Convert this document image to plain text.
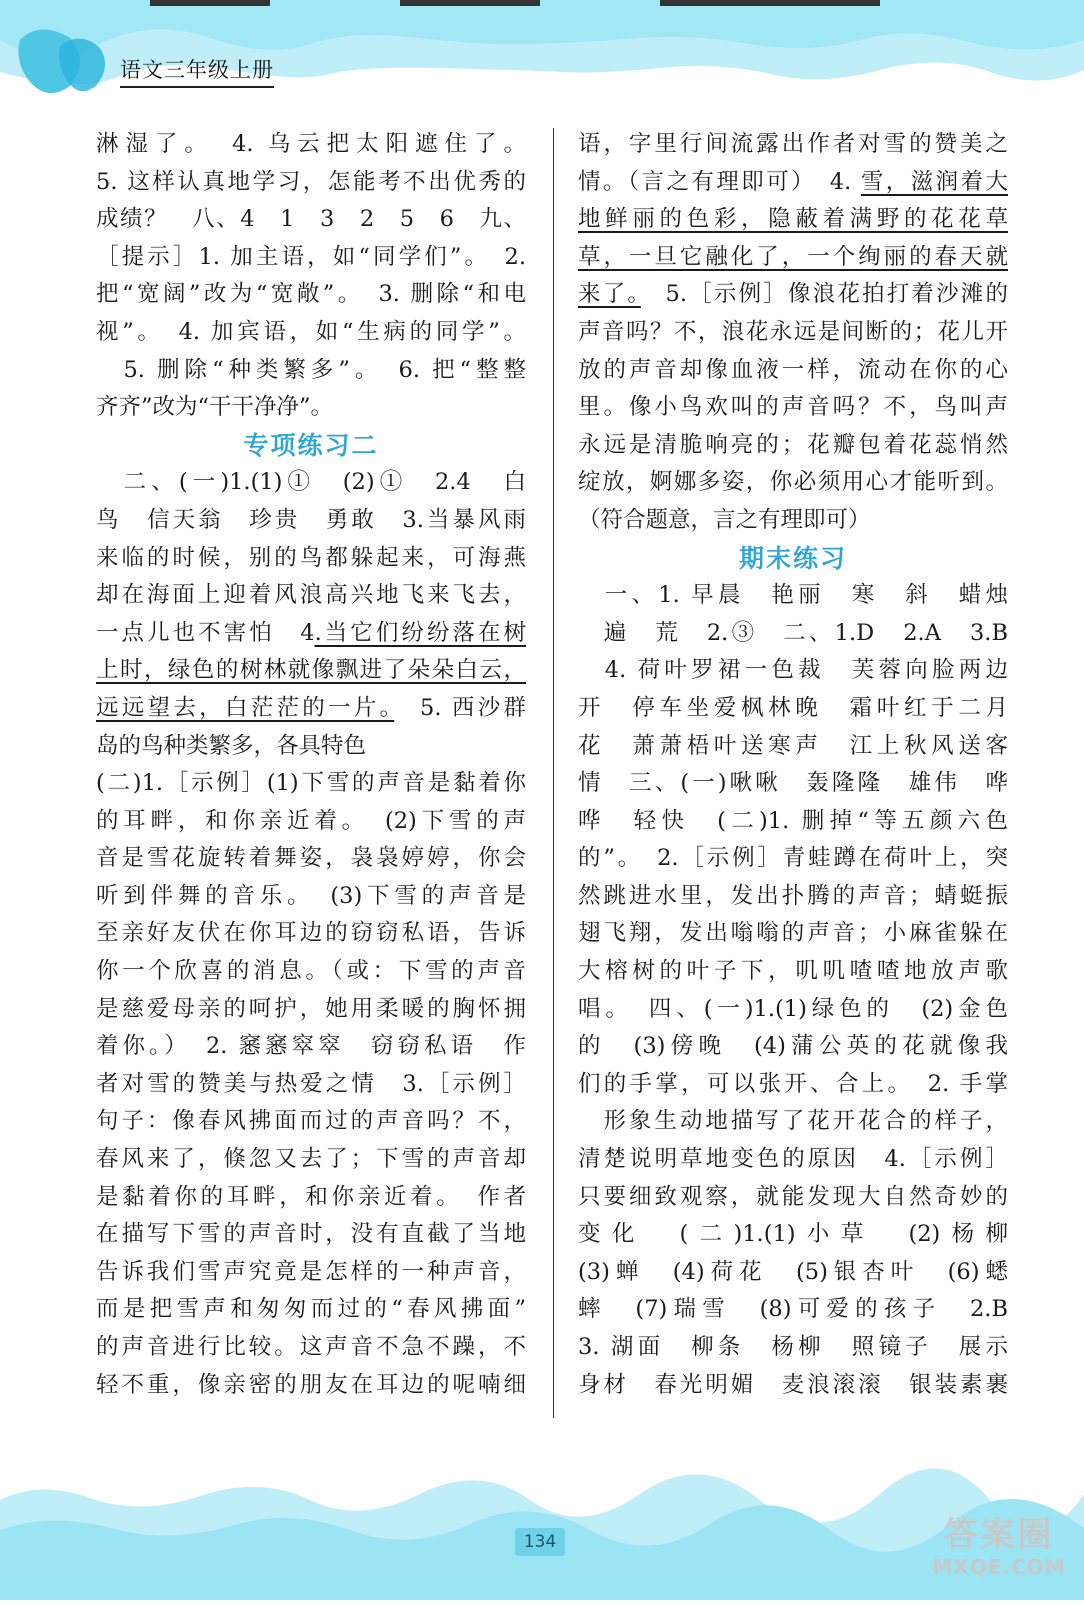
语文三年级上册
淋湿了。　4. 乌云把太阳遮住了。
5. 这样认真地学习，怎能考不出优秀的
成绩？　八、4　1　3　2　5　6　九、
［提示］1. 加主语，如“同学们”。　2.
把“宽阔”改为“宽敞”。　3. 删除“和电
视”。　4. 加宾语，如“生病的同学”。
　5. 删除“种类繁多”。　6. 把“整整
齐齐”改为“干干净净”。
专项练习二
　二、(一)1.(1)①　(2)①　2.4　白
鸟　信天翁　珍贵　勇敢　3.当暴风雨
来临的时候，别的鸟都躲起来，可海燕
却在海面上迎着风浪高兴地飞来飞去，
一点儿也不害怕　4.当它们纷纷落在树
上时，绿色的树林就像飘进了朵朵白云，
远远望去，白茫茫的一片。　5. 西沙群
岛的鸟种类繁多，各具特色
(二)1.［示例］(1)下雪的声音是黏着你
的耳畔，和你亲近着。　(2)下雪的声
音是雪花旋转着舞姿，袅袅婷婷，你会
听到伴舞的音乐。　(3)下雪的声音是
至亲好友伏在你耳边的窃窃私语，告诉
你一个欣喜的消息。（或：下雪的声音
是慈爱母亲的呵护，她用柔暖的胸怀拥
着你。）　2. 窸窸窣窣　窃窃私语　作
者对雪的赞美与热爱之情　3.［示例］
句子：像春风拂面而过的声音吗？不，
春风来了，倏忽又去了；下雪的声音却
是黏着你的耳畔，和你亲近着。　作者
在描写下雪的声音时，没有直截了当地
告诉我们雪声究竟是怎样的一种声音，
而是把雪声和匆匆而过的“春风拂面”
的声音进行比较。这声音不急不躁，不
轻不重，像亲密的朋友在耳边的呢喃细
语，字里行间流露出作者对雪的赞美之
情。（言之有理即可）　4. 雪，滋润着大
地鲜丽的色彩，隐蔽着满野的花花草
草，一旦它融化了，一个绚丽的春天就
来了。　5.［示例］像浪花拍打着沙滩的
声音吗？不，浪花永远是间断的；花儿开
放的声音却像血液一样，流动在你的心
里。像小鸟欢叫的声音吗？不，鸟叫声
永远是清脆响亮的；花瓣包着花蕊悄然
绽放，婀娜多姿，你必须用心才能听到。
（符合题意，言之有理即可）
期末练习
　一、1. 早晨　艳丽　寒　斜　蜡烛
　遍　荒　2.③　二、1.D　2.A　3.B
　4. 荷叶罗裙一色裁　芙蓉向脸两边
开　停车坐爱枫林晚　霜叶红于二月
花　萧萧梧叶送寒声　江上秋风送客
情　三、(一)啾啾　轰隆隆　雄伟　哗
哗　轻快　(二)1. 删掉“等五颜六色
的”。　2.［示例］青蛙蹲在荷叶上，突
然跳进水里，发出扑腾的声音；蜻蜓振
翅飞翔，发出嗡嗡的声音；小麻雀躲在
大榕树的叶子下，叽叽喳喳地放声歌
唱。　四、(一)1.(1)绿色的　(2)金色
的　(3)傍晚　(4)蒲公英的花就像我
们的手掌，可以张开、合上。　2. 手掌
　形象生动地描写了花开花合的样子，
清楚说明草地变色的原因　4.［示例］
只要细致观察，就能发现大自然奇妙的
变化　(二)1.(1)小草　(2)杨柳
(3)蝉　(4)荷花　(5)银杏叶　(6)蟋
蟀　(7)瑞雪　(8)可爱的孩子　2.B
3. 湖面　柳条　杨柳　照镜子　展示
身材　春光明媚　麦浪滚滚　银装素裹
134	答案圈
MXQE.COM
